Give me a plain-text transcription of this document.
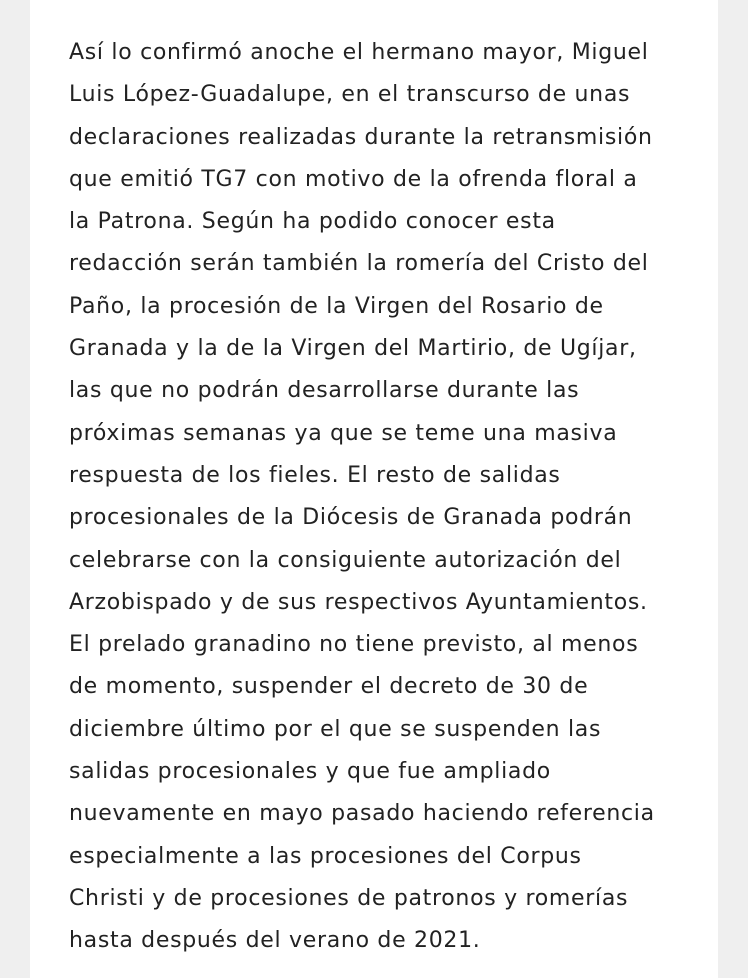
Así lo confirmó anoche el hermano mayor, Miguel
Luis López-Guadalupe, en el transcurso de unas
declaraciones realizadas durante la retransmisión
que emitió TG7 con motivo de la ofrenda floral a
la Patrona. Según ha podido conocer esta
redacción serán también la romería del Cristo del
Paño, la procesión de la Virgen del Rosario de
Granada y la de la Virgen del Martirio, de Ugíjar,
las que no podrán desarrollarse durante las
próximas semanas ya que se teme una masiva
respuesta de los fieles. El resto de salidas
procesionales de la Diócesis de Granada podrán
celebrarse con la consiguiente autorización del
Arzobispado y de sus respectivos Ayuntamientos.
El prelado granadino no tiene previsto, al menos
de momento, suspender el decreto de 30 de
diciembre último por el que se suspenden las
salidas procesionales y que fue ampliado
nuevamente en mayo pasado haciendo referencia
especialmente a las procesiones del Corpus
Christi y de procesiones de patronos y romerías
hasta después del verano de 2021.
